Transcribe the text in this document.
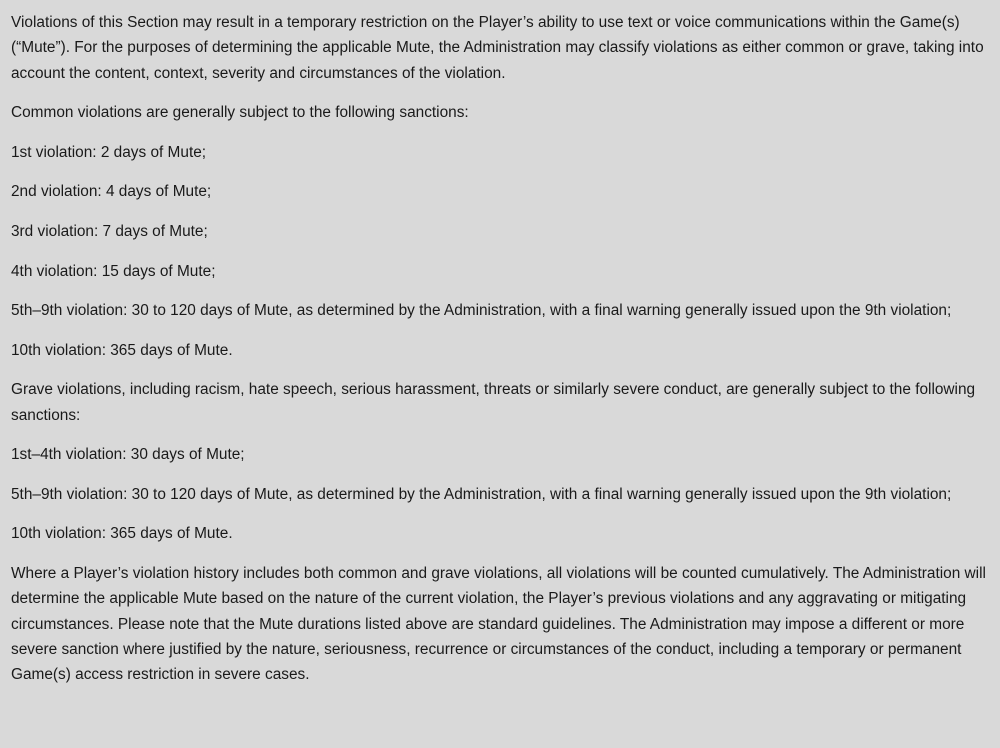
Violations of this Section may result in a temporary restriction on the Player’s ability to use text or voice communications within the Game(s) (“Mute”). For the purposes of determining the applicable Mute, the Administration may classify violations as either common or grave, taking into account the content, context, severity and circumstances of the violation.

Common violations are generally subject to the following sanctions:

1st violation: 2 days of Mute;

2nd violation: 4 days of Mute;

3rd violation: 7 days of Mute;

4th violation: 15 days of Mute;

5th–9th violation: 30 to 120 days of Mute, as determined by the Administration, with a final warning generally issued upon the 9th violation;

10th violation: 365 days of Mute.

Grave violations, including racism, hate speech, serious harassment, threats or similarly severe conduct, are generally subject to the following sanctions:

1st–4th violation: 30 days of Mute;

5th–9th violation: 30 to 120 days of Mute, as determined by the Administration, with a final warning generally issued upon the 9th violation;

10th violation: 365 days of Mute.

Where a Player’s violation history includes both common and grave violations, all violations will be counted cumulatively. The Administration will determine the applicable Mute based on the nature of the current violation, the Player’s previous violations and any aggravating or mitigating circumstances. Please note that the Mute durations listed above are standard guidelines. The Administration may impose a different or more severe sanction where justified by the nature, seriousness, recurrence or circumstances of the conduct, including a temporary or permanent Game(s) access restriction in severe cases.
